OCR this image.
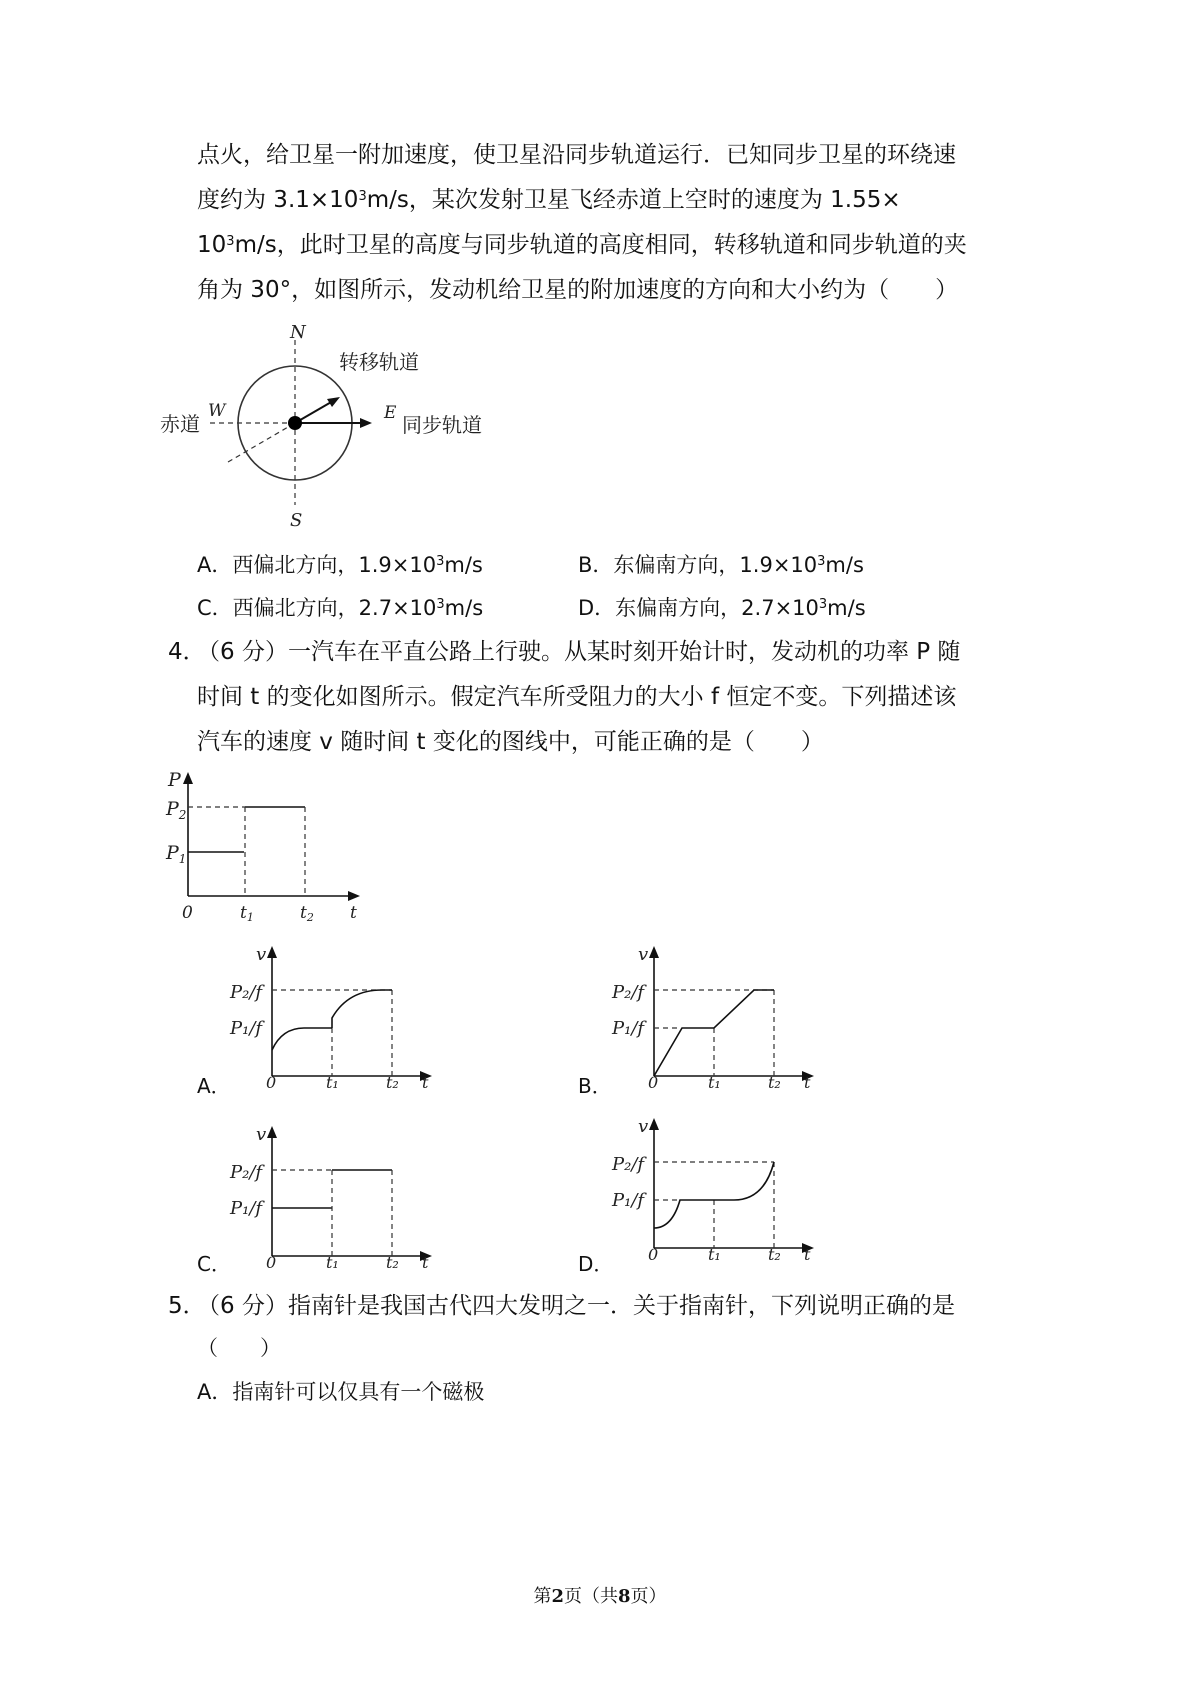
点火，给卫星一附加速度，使卫星沿同步轨道运行．已知同步卫星的环绕速
度约为 $3.1\times 10^3m/s$，某次发射卫星飞经赤道上空时的速度为 1.55×
$10^3m/s$，此时卫星的高度与同步轨道的高度相同，转移轨道和同步轨道的夹
角为 30°，如图所示，发动机给卫星的附加速度的方向和大小约为（　　）
N
S
W	E
赤道
转移轨道
同步轨道
A．西偏北方向，$1.9\times 10^3m/s$	B．东偏南方向，$1.9\times 10^3m/s$
C．西偏北方向，$2.7\times 10^3m/s$	D．东偏南方向，$2.7\times 10^3m/s$
4．
（6 分）一汽车在平直公路上行驶。从某时刻开始计时，发动机的功率 P 随
时间 t 的变化如图所示。假定汽车所受阻力的大小 f 恒定不变。下列描述该
汽车的速度 v 随时间 t 变化的图线中，可能正确的是（　　）
P
$P_2$
$P_1$
0	t1	t2 t
v
P₂/f
P₁/f
0	t₁	t₂ t
A．
v
P₂/f
P₁/f
0	t₁	t₂ t
B．
v
P₂/f
P₁/f
0	t₁	t₂ t
C．
v
P₂/f
P₁/f
0	t₁	t₂ t
D．
5．
（6 分）指南针是我国古代四大发明之一．关于指南针，下列说明正确的是
（　　）
A．指南针可以仅具有一个磁极
第2页（共8页）
